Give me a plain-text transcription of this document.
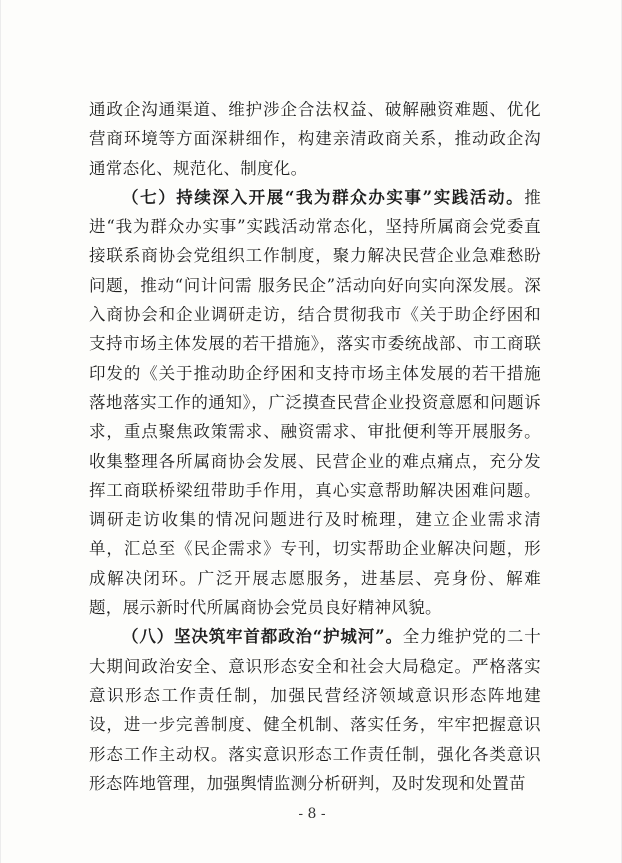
通政企沟通渠道、维护涉企合法权益、破解融资难题、优化营商环境等方面深耕细作，构建亲清政商关系，推动政企沟通常态化、规范化、制度化。

（七）持续深入开展“我为群众办实事”实践活动。推进“我为群众办实事”实践活动常态化，坚持所属商会党委直接联系商协会党组织工作制度，聚力解决民营企业急难愁盼问题，推动“问计问需 服务民企”活动向好向实向深发展。深入商协会和企业调研走访，结合贯彻我市《关于助企纾困和支持市场主体发展的若干措施》，落实市委统战部、市工商联印发的《关于推动助企纾困和支持市场主体发展的若干措施落地落实工作的通知》，广泛摸查民营企业投资意愿和问题诉求，重点聚焦政策需求、融资需求、审批便利等开展服务。收集整理各所属商协会发展、民营企业的难点痛点，充分发挥工商联桥梁纽带助手作用，真心实意帮助解决困难问题。调研走访收集的情况问题进行及时梳理，建立企业需求清单，汇总至《民企需求》专刊，切实帮助企业解决问题，形成解决闭环。广泛开展志愿服务，进基层、亮身份、解难题，展示新时代所属商协会党员良好精神风貌。

（八）坚决筑牢首都政治“护城河”。全力维护党的二十大期间政治安全、意识形态安全和社会大局稳定。严格落实意识形态工作责任制，加强民营经济领域意识形态阵地建设，进一步完善制度、健全机制、落实任务，牢牢把握意识形态工作主动权。落实意识形态工作责任制，强化各类意识形态阵地管理，加强舆情监测分析研判，及时发现和处置苗

- 8 -
